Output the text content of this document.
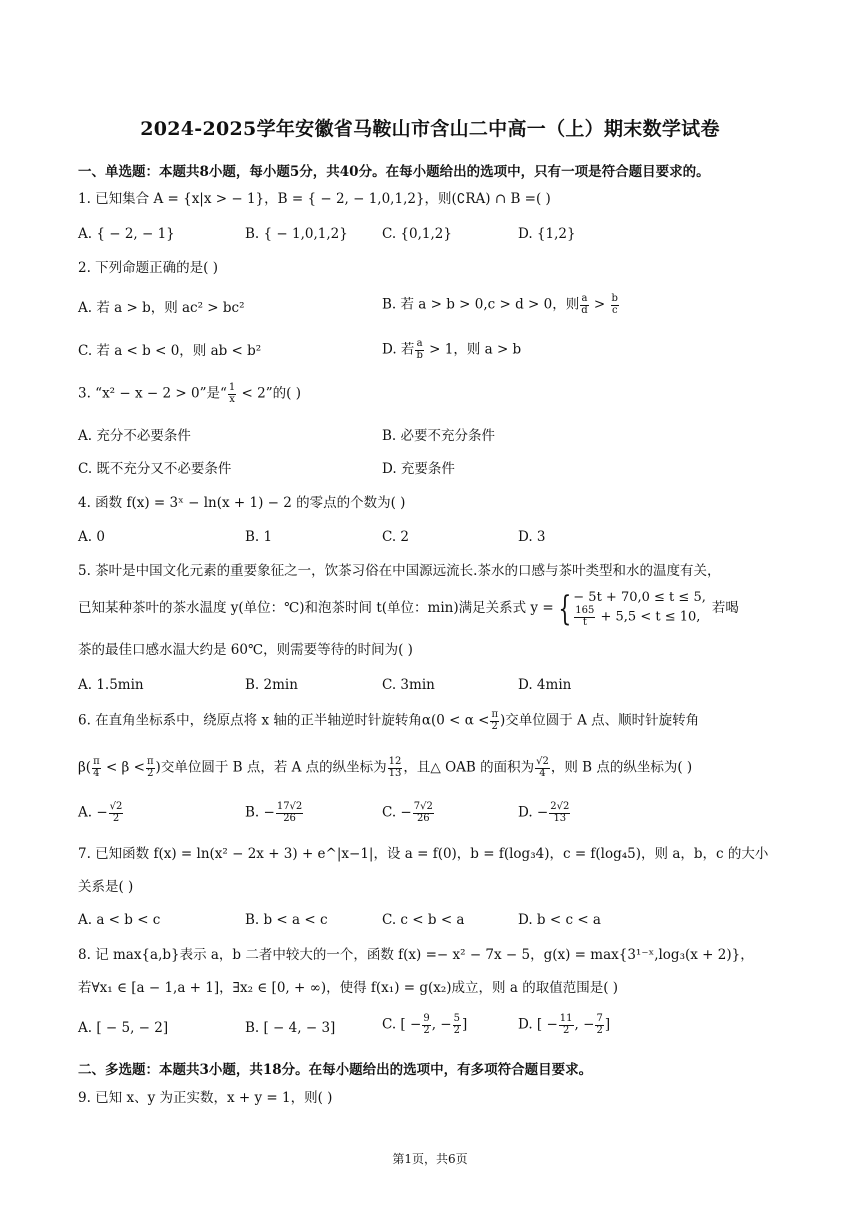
2024-2025学年安徽省马鞍山市含山二中高一（上）期末数学试卷
一、单选题：本题共8小题，每小题5分，共40分。在每小题给出的选项中，只有一项是符合题目要求的。
1. 已知集合 A = {x|x > − 1}，B = { − 2, − 1,0,1,2}，则(∁RA) ∩ B =( )
A. { − 2, − 1}	B. { − 1,0,1,2}	C. {0,1,2}	D. {1,2}
2. 下列命题正确的是( )
A. 若 a > b，则 ac² > bc²	B. 若 a > b > 0,c > d > 0，则 $\frac{a}{d} > \frac{b}{c}$
C. 若 a < b < 0，则 ab < b²	D. 若 $\frac{a}{b} > 1$，则 a > b
3. “x² − x − 2 > 0”是“ $\frac{1}{x} < 2$”的( )
A. 充分不必要条件	B. 必要不充分条件
C. 既不充分又不必要条件	D. 充要条件
4. 函数 f(x) = 3ˣ − ln(x + 1) − 2 的零点的个数为( )
A. 0	B. 1	C. 2	D. 3
5. 茶叶是中国文化元素的重要象征之一，饮茶习俗在中国源远流长.茶水的口感与茶叶类型和水的温度有关，
已知某种茶叶的茶水温度 y(单位：℃)和泡茶时间 t(单位：min)满足关系式 y = { − 5t + 70,0 ≤ t ≤ 5,
$\frac{165}{t} + 5,5 < t \le 10$,
若喝
茶的最佳口感水温大约是 60℃，则需要等待的时间为( )
A. 1.5min	B. 2min	C. 3min	D. 4min
6. 在直角坐标系中，绕原点将 x 轴的正半轴逆时针旋转角$\alpha(0 < \alpha < \frac{\pi}{2}$ )交单位圆于 A 点、顺时针旋转角
$\beta( \frac{\pi}{4} < \beta < \frac{\pi}{2}$ )交单位圆于 B 点，若 A 点的纵坐标为 $\frac{12}{13}$ ，且△ OAB 的面积为 $\frac{√2}{4}$ ，则 B 点的纵坐标为( )
A. − $\frac{√2}{2}$	B. − $\frac{17√2}{26}$	C. − $\frac{7√2}{26}$	D. − $\frac{2√2}{13}$
7. 已知函数 f(x) = ln(x² − 2x + 3) + e^|x−1|，设 a = f(0)，b = f(log₃4)，c = f(log₄5)，则 a，b，c 的大小
关系是( )
A. a < b < c	B. b < a < c	C. c < b < a	D. b < c < a
8. 记 max{a,b}表示 a，b 二者中较大的一个，函数 f(x) =− x² − 7x − 5，g(x) = max{3¹⁻ˣ,log₃(x + 2)}，
若∀x₁ ∈ [a − 1,a + 1]，∃x₂ ∈ [0, + ∞)，使得 f(x₁) = g(x₂)成立，则 a 的取值范围是( )
A. [ − 5, − 2]	B. [ − 4, − 3]	C. [ − $\frac{9}{2}$ , − $\frac{5}{2}$ ]	D. [ − $\frac{11}{2}$ , − $\frac{7}{2}$ ]
二、多选题：本题共3小题，共18分。在每小题给出的选项中，有多项符合题目要求。
9. 已知 x、y 为正实数，x + y = 1，则( )
第1页，共6页
